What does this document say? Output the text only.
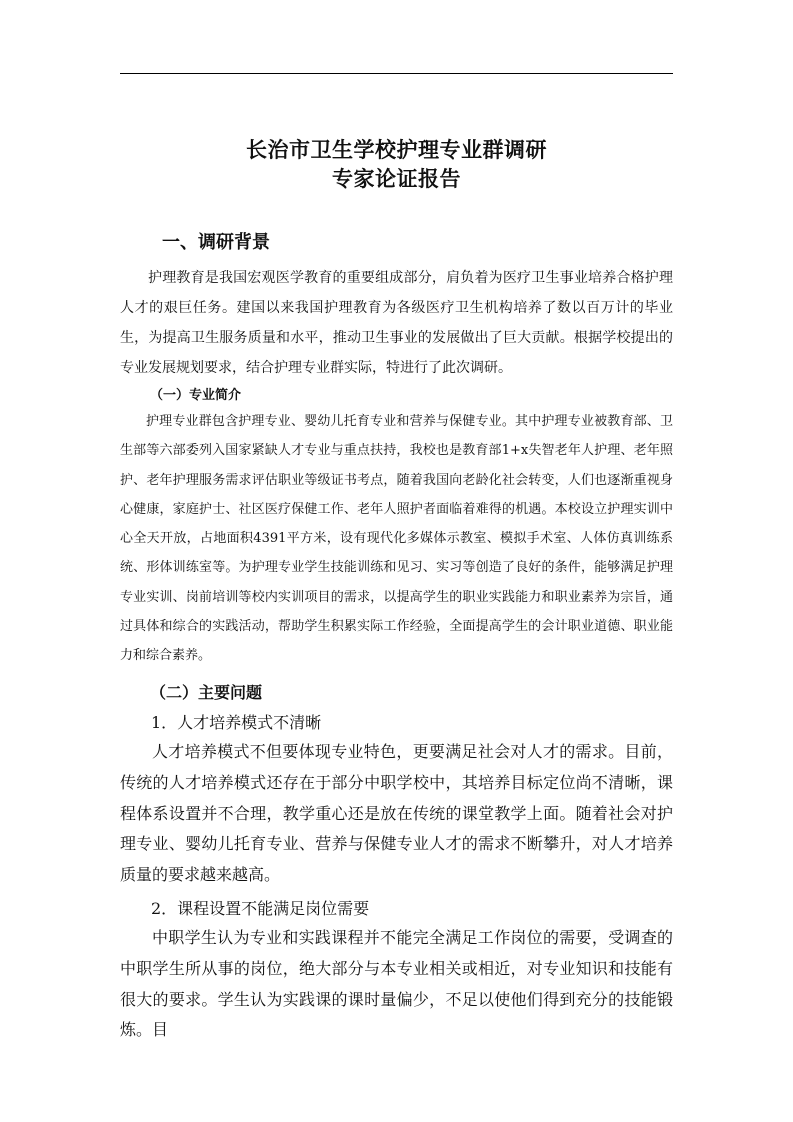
长治市卫生学校护理专业群调研
专家论证报告
一、调研背景

护理教育是我国宏观医学教育的重要组成部分，肩负着为医疗卫生事业培养合格护理人才的艰巨任务。建国以来我国护理教育为各级医疗卫生机构培养了数以百万计的毕业生，为提高卫生服务质量和水平，推动卫生事业的发展做出了巨大贡献。根据学校提出的专业发展规划要求，结合护理专业群实际，特进行了此次调研。

（一）专业简介

护理专业群包含护理专业、婴幼儿托育专业和营养与保健专业。其中护理专业被教育部、卫生部等六部委列入国家紧缺人才专业与重点扶持，我校也是教育部1+x失智老年人护理、老年照护、老年护理服务需求评估职业等级证书考点，随着我国向老龄化社会转变，人们也逐渐重视身心健康，家庭护士、社区医疗保健工作、老年人照护者面临着难得的机遇。本校设立护理实训中心全天开放，占地面积4391平方米，设有现代化多媒体示教室、模拟手术室、人体仿真训练系统、形体训练室等。为护理专业学生技能训练和见习、实习等创造了良好的条件，能够满足护理专业实训、岗前培训等校内实训项目的需求，以提高学生的职业实践能力和职业素养为宗旨，通过具体和综合的实践活动，帮助学生积累实际工作经验，全面提高学生的会计职业道德、职业能力和综合素养。

（二）主要问题
1．人才培养模式不清晰

人才培养模式不但要体现专业特色，更要满足社会对人才的需求。目前，传统的人才培养模式还存在于部分中职学校中，其培养目标定位尚不清晰，课程体系设置并不合理，教学重心还是放在传统的课堂教学上面。随着社会对护理专业、婴幼儿托育专业、营养与保健专业人才的需求不断攀升，对人才培养质量的要求越来越高。

2．课程设置不能满足岗位需要

中职学生认为专业和实践课程并不能完全满足工作岗位的需要，受调查的中职学生所从事的岗位，绝大部分与本专业相关或相近，对专业知识和技能有很大的要求。学生认为实践课的课时量偏少，不足以使他们得到充分的技能锻炼。目
